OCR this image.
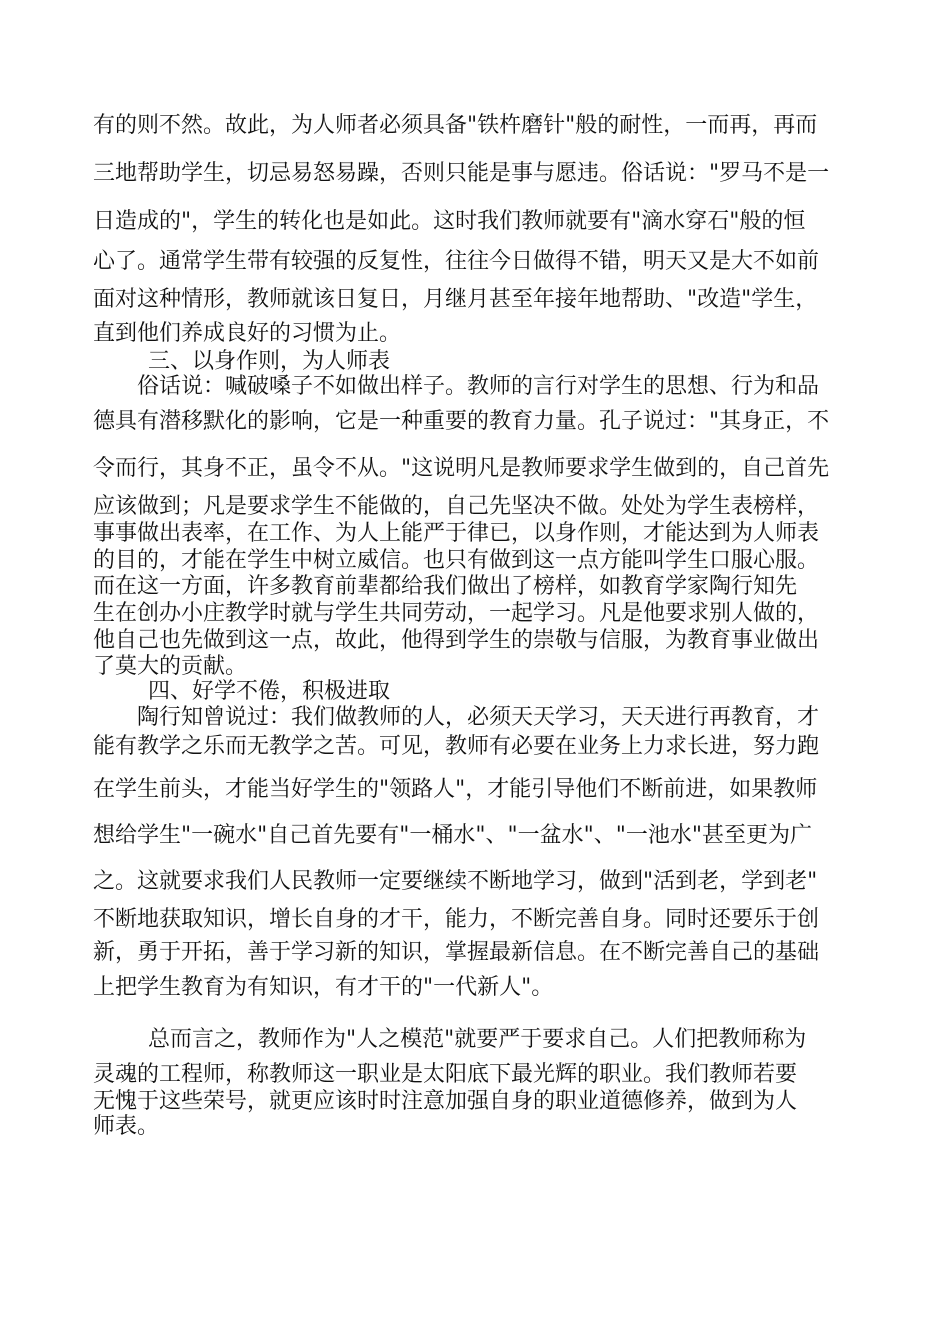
有的则不然。故此，为人师者必须具备"铁杵磨针"般的耐性，一而再，再而
三地帮助学生，切忌易怒易躁，否则只能是事与愿违。俗话说："罗马不是一
日造成的"，学生的转化也是如此。这时我们教师就要有"滴水穿石"般的恒
心了。通常学生带有较强的反复性，往往今日做得不错，明天又是大不如前
面对这种情形，教师就该日复日，月继月甚至年接年地帮助、"改造"学生，
直到他们养成良好的习惯为止。
三、以身作则，为人师表
俗话说：喊破嗓子不如做出样子。教师的言行对学生的思想、行为和品
德具有潜移默化的影响，它是一种重要的教育力量。孔子说过："其身正，不
令而行，其身不正，虽令不从。"这说明凡是教师要求学生做到的，自己首先
应该做到；凡是要求学生不能做的，自己先坚决不做。处处为学生表榜样，
事事做出表率，在工作、为人上能严于律已，以身作则，才能达到为人师表
的目的，才能在学生中树立威信。也只有做到这一点方能叫学生口服心服。
而在这一方面，许多教育前辈都给我们做出了榜样，如教育学家陶行知先
生在创办小庄教学时就与学生共同劳动，一起学习。凡是他要求别人做的，
他自己也先做到这一点，故此，他得到学生的崇敬与信服，为教育事业做出
了莫大的贡献。
四、好学不倦，积极进取
陶行知曾说过：我们做教师的人，必须天天学习，天天进行再教育，才
能有教学之乐而无教学之苦。可见，教师有必要在业务上力求长进，努力跑
在学生前头，才能当好学生的"领路人"，才能引导他们不断前进，如果教师
想给学生"一碗水"自己首先要有"一桶水"、"一盆水"、"一池水"甚至更为广
之。这就要求我们人民教师一定要继续不断地学习，做到"活到老，学到老"
不断地获取知识，增长自身的才干，能力，不断完善自身。同时还要乐于创
新，勇于开拓，善于学习新的知识，掌握最新信息。在不断完善自己的基础
上把学生教育为有知识，有才干的"一代新人"。
总而言之，教师作为"人之模范"就要严于要求自己。人们把教师称为
灵魂的工程师，称教师这一职业是太阳底下最光辉的职业。我们教师若要
无愧于这些荣号，就更应该时时注意加强自身的职业道德修养，做到为人
师表。
